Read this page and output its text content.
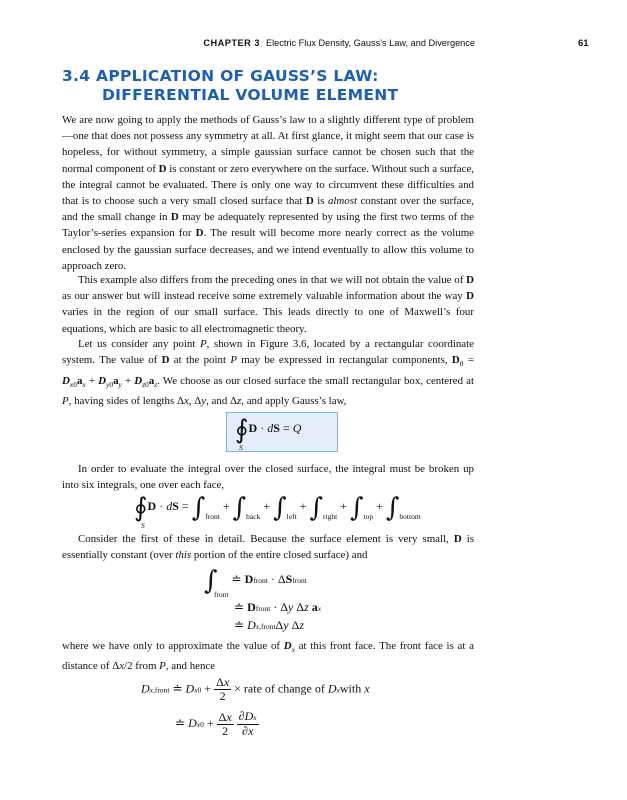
CHAPTER 3 Electric Flux Density, Gauss’s Law, and Divergence	61
3.4 APPLICATION OF GAUSS’S LAW:
DIFFERENTIAL VOLUME ELEMENT

We are now going to apply the methods of Gauss’s law to a slightly different type of problem—one that does not possess any symmetry at all. At first glance, it might seem that our case is hopeless, for without symmetry, a simple gaussian surface cannot be chosen such that the normal component of D is constant or zero everywhere on the surface. Without such a surface, the integral cannot be evaluated. There is only one way to circumvent these difficulties and that is to choose such a very small closed surface that D is almost constant over the surface, and the small change in D may be adequately represented by using the first two terms of the Taylor’s-series expansion for D. The result will become more nearly correct as the volume enclosed by the gaussian surface decreases, and we intend eventually to allow this volume to approach zero.

This example also differs from the preceding ones in that we will not obtain the value of D as our answer but will instead receive some extremely valuable information about the way D varies in the region of our small surface. This leads directly to one of Maxwell’s four equations, which are basic to all electromagnetic theory.

Let us consider any point P, shown in Figure 3.6, located by a rectangular coordinate system. The value of D at the point P may be expressed in rectangular components, $D_0 = D_{x0}a_x + D_{y0}a_y + D_{z0}a_z$. We choose as our closed surface the small rectangular box, centered at P, having sides of lengths Δx, Δy, and Δz, and apply Gauss’s law,

∮$^{D \cdot dS = Q}$
S

In order to evaluate the integral over the closed surface, the integral must be broken up into six integrals, one over each face,

∮D · dS = $\int_{front} + \int_{back} + \int_{left} + \int_{right} + \int_{top} + \int_{bottom}$
S

Consider the first of these in detail. Because the surface element is very small, D is essentially constant (over this portion of the entire closed surface) and

∫ ≐ Dfront · ΔSfront
front
≐ Dfront · Δy Δz ax
≐ Dx,frontΔy Δz

where we have only to approximate the value of $D_x$ at this front face. The front face is at a distance of Δx/2 from P, and hence

Dx,front ≐ $Dx0 + \frac{\Delta x}{2}$ × rate of change of Dxwith x
≐ $Dx0 + \frac{\Delta x}{2}$
$\frac{\partial Dx}{\partial x}$
